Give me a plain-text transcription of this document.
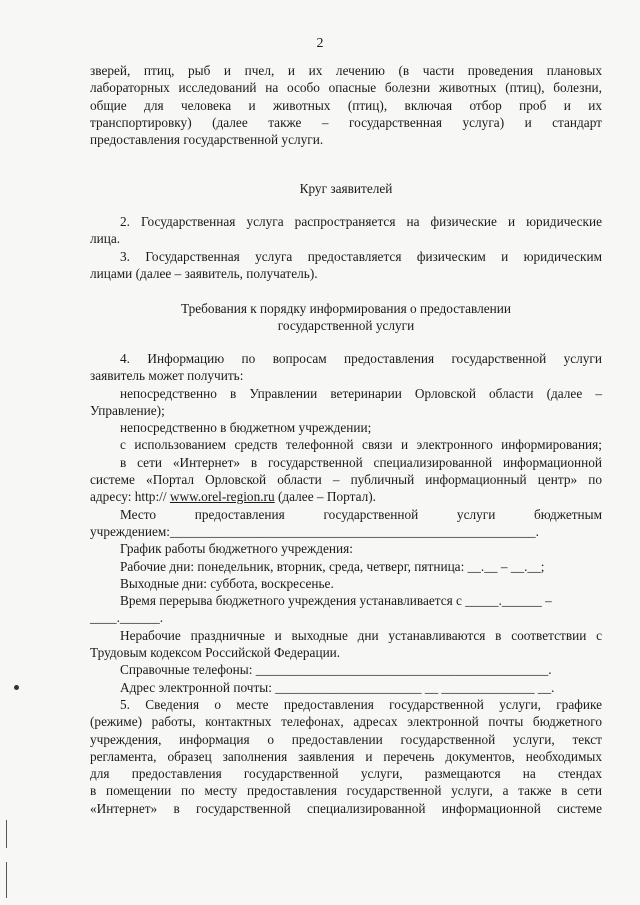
2

зверей, птиц, рыб и пчел, и их лечению (в части проведения плановых

лабораторных исследований на особо опасные болезни животных (птиц), болезни,

общие для человека и животных (птиц), включая отбор проб и их

транспортировку) (далее также – государственная услуга) и стандарт

предоставления государственной услуги.

Круг заявителей

2. Государственная услуга распространяется на физические и юридические

лица.

3. Государственная услуга предоставляется физическим и юридическим

лицами (далее – заявитель, получатель).

Требования к порядку информирования о предоставлении

государственной услуги

4. Информацию по вопросам предоставления государственной услуги

заявитель может получить:

непосредственно в Управлении ветеринарии Орловской области (далее –

Управление);

непосредственно в бюджетном учреждении;

с использованием средств телефонной связи и электронного информирования;

в сети «Интернет» в государственной специализированной информационной

системе «Портал Орловской области – публичный информационный центр» по

адресу: http:// www.orel-region.ru (далее – Портал).

Место предоставления государственной услуги бюджетным

учреждением:_______________________________________________________.

График работы бюджетного учреждения:

Рабочие дни: понедельник, вторник, среда, четверг, пятница: __.__ – __.__;

Выходные дни: суббота, воскресенье.

Время перерыва бюджетного учреждения устанавливается с _____.______ –

____.______.

Нерабочие праздничные и выходные дни устанавливаются в соответствии с

Трудовым кодексом Российской Федерации.

Справочные телефоны: ____________________________________________.

Адрес электронной почты: ______________________ __ ______________ __.

5. Сведения о месте предоставления государственной услуги, графике

(режиме) работы, контактных телефонах, адресах электронной почты бюджетного

учреждения, информация о предоставлении государственной услуги, текст

регламента, образец заполнения заявления и перечень документов, необходимых

для предоставления государственной услуги, размещаются на стендах

в помещении по месту предоставления государственной услуги, а также в сети

«Интернет» в государственной специализированной информационной системе
